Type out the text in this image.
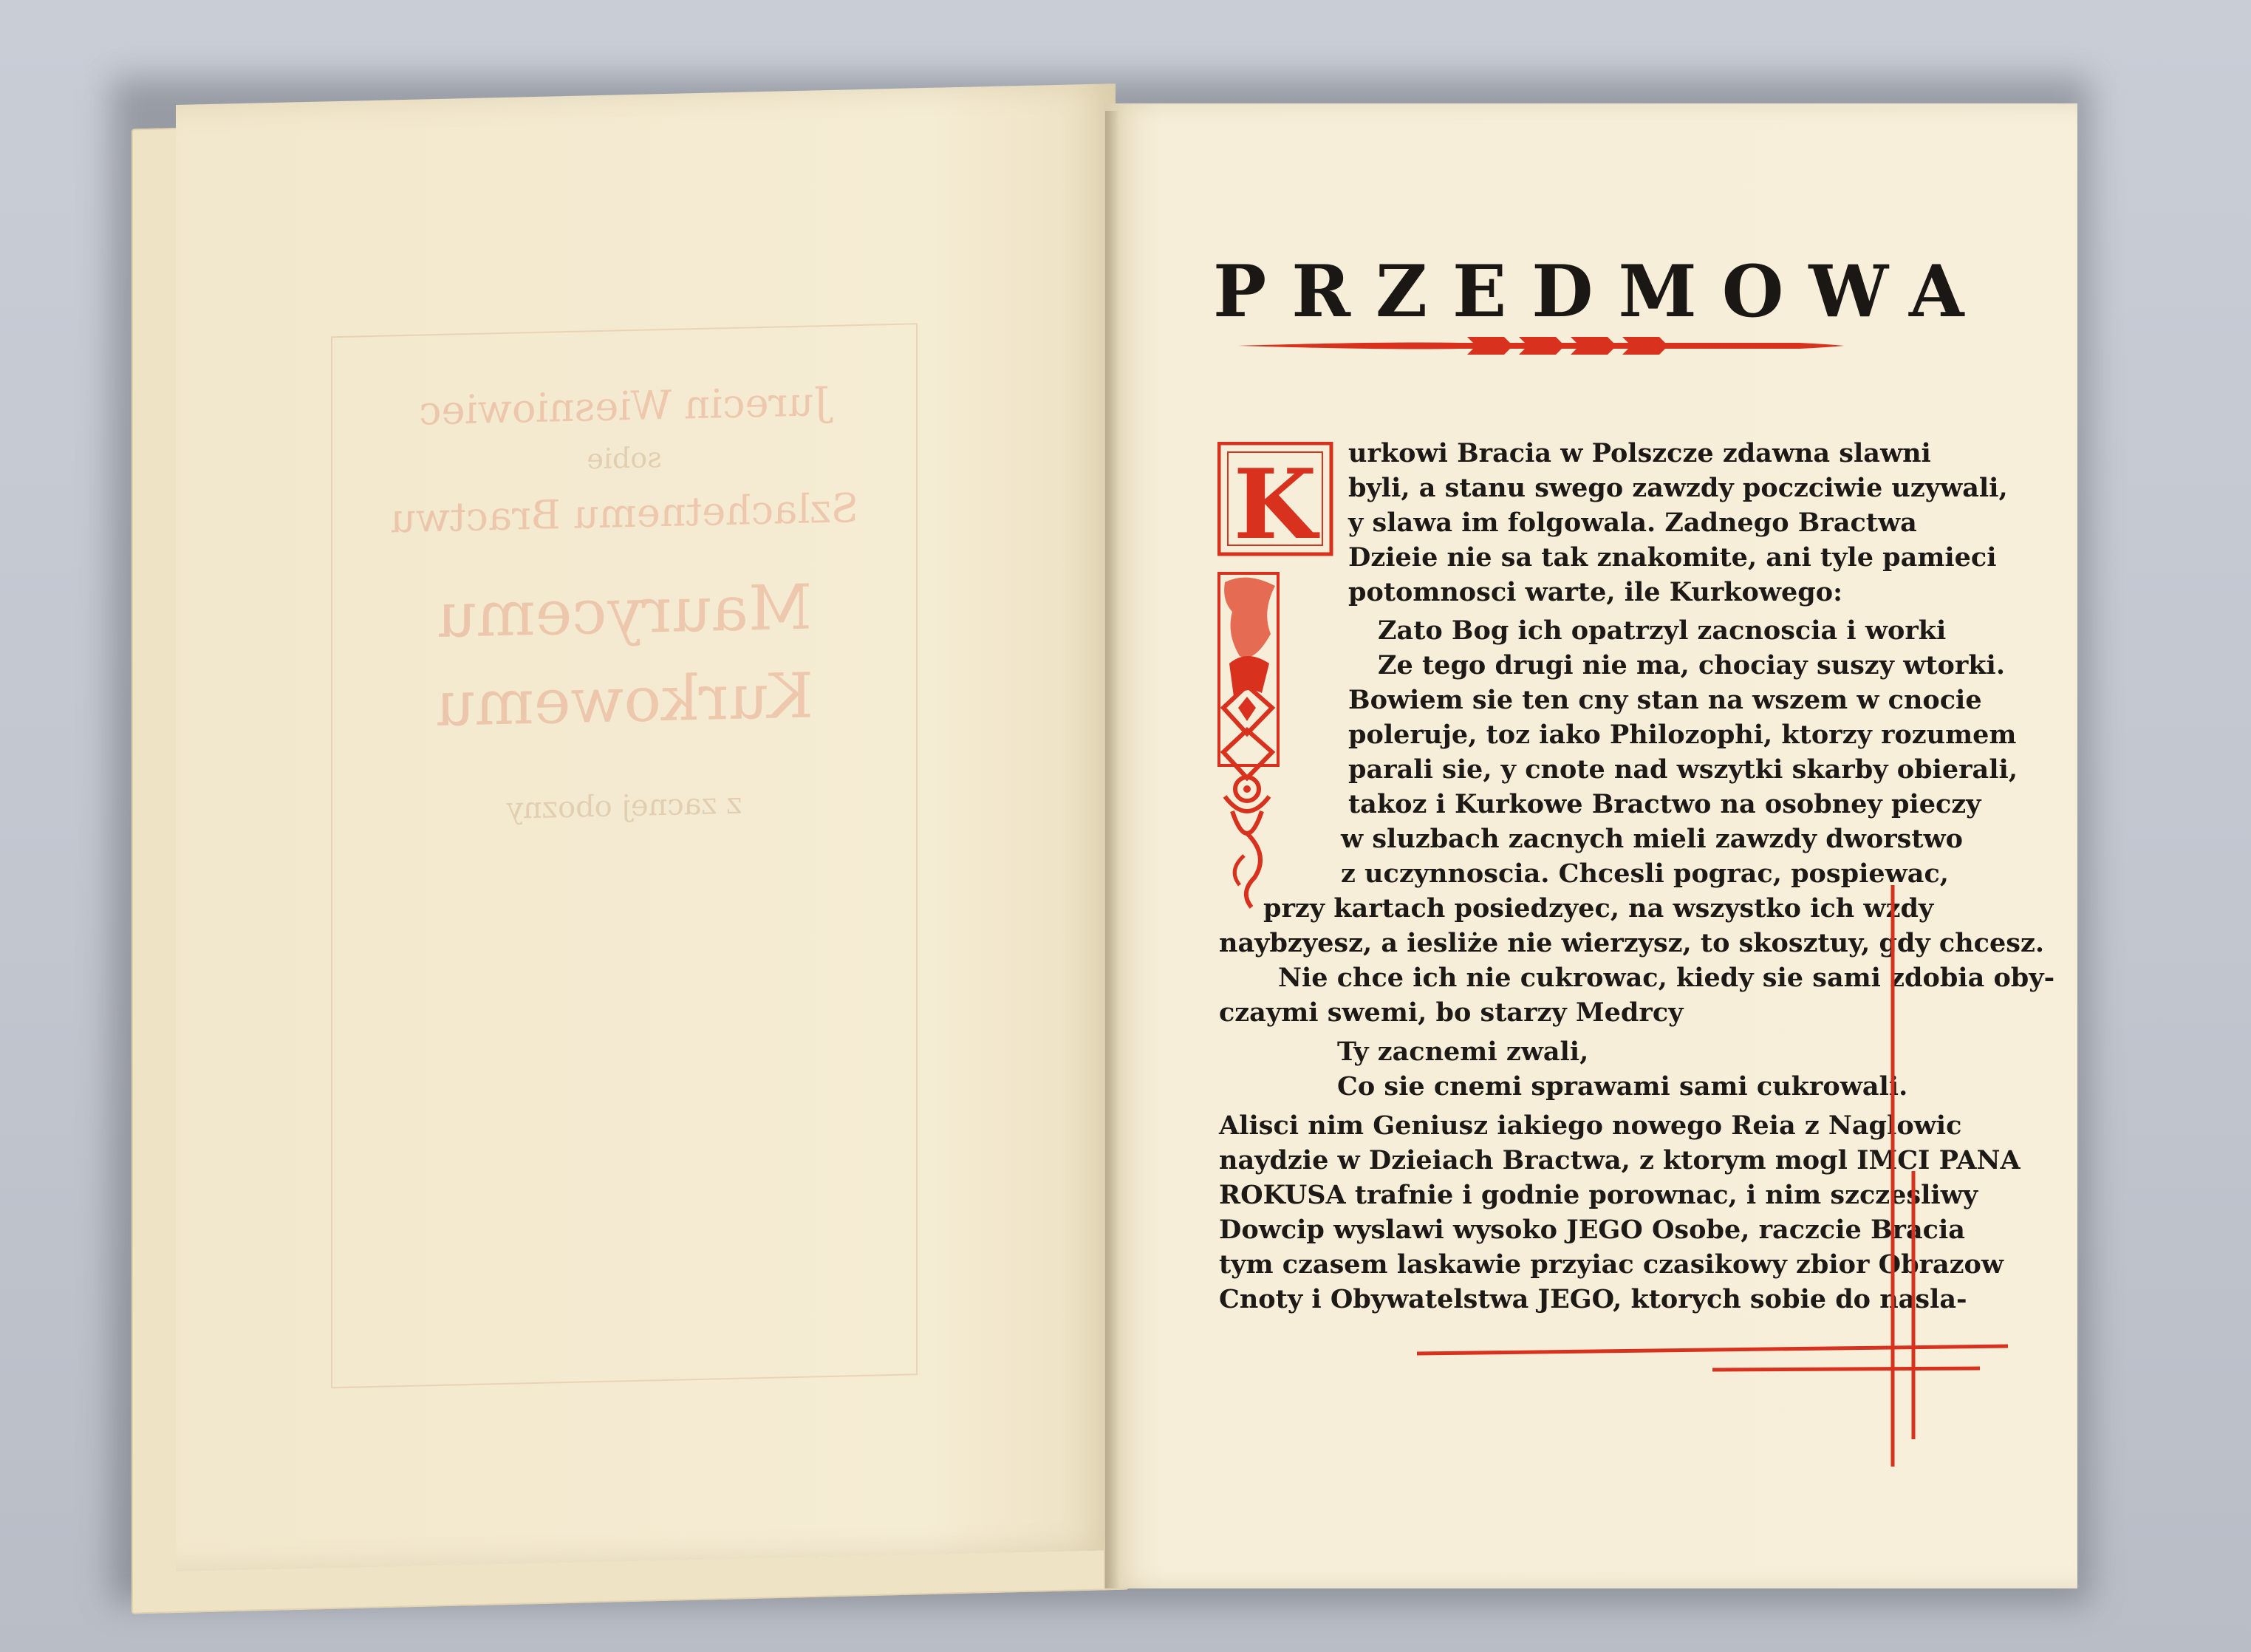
Jurecin Wiesniowiec
sobie
Szlachetnemu Bractwu
Maurycemu
Kurkowemu
z zacnej obozny
PRZEDMOWA
K urkowi Bracia w Polszcze zdawna slawni
byli, a stanu swego zawzdy poczciwie uzywali,
y slawa im folgowala. Zadnego Bractwa
Dzieie nie sa tak znakomite, ani tyle pamieci
potomnosci warte, ile Kurkowego:
Zato Bog ich opatrzyl zacnoscia i worki
Ze tego drugi nie ma, chociay suszy wtorki.
Bowiem sie ten cny stan na wszem w cnocie
poleruje, toz iako Philozophi, ktorzy rozumem
parali sie, y cnote nad wszytki skarby obierali,
takoz i Kurkowe Bractwo na osobney pieczy
w sluzbach zacnych mieli zawzdy dworstwo
z uczynnoscia. Chcesli pograc, pospiewac,
przy kartach posiedzyec, na wszystko ich wzdy
naybzyesz, a iesliże nie wierzysz, to skosztuy, gdy chcesz.
Nie chce ich nie cukrowac, kiedy sie sami zdobia oby-
czaymi swemi, bo starzy Medrcy
Ty zacnemi zwali,
Co sie cnemi sprawami sami cukrowali.
Alisci nim Geniusz iakiego nowego Reia z Naglowic
naydzie w Dzieiach Bractwa, z ktorym mogl IMCI PANA
ROKUSA trafnie i godnie porownac, i nim szczesliwy
Dowcip wyslawi wysoko JEGO Osobe, raczcie Bracia
tym czasem laskawie przyiac czasikowy zbior Obrazow
Cnoty i Obywatelstwa JEGO, ktorych sobie do nasla-
